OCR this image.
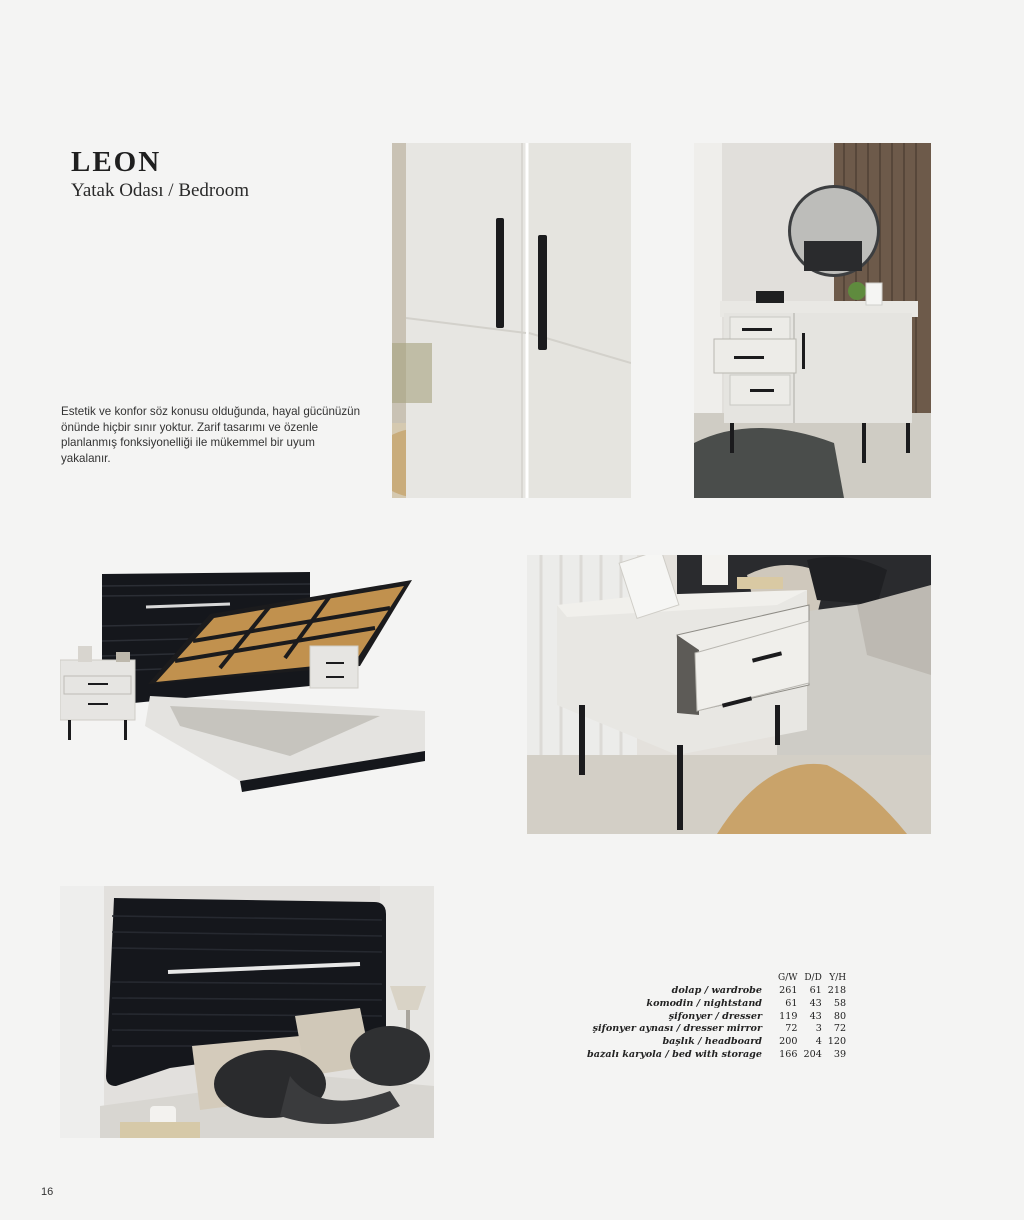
LEON
Yatak Odası / Bedroom
Estetik ve konfor söz konusu olduğunda, hayal gücünüzün önünde hiçbir sınır yoktur. Zarif tasarımı ve özenle planlanmış fonksiyonelliği ile mükemmel bir uyum yakalanır.
	G/W	D/D	Y/H
dolap / wardrobe	261	61	218
komodin / nightstand	61	43	58
şifonyer / dresser	119	43	80
şifonyer aynası / dresser mirror	72	3	72
başlık / headboard	200	4	120
bazalı karyola / bed with storage	166	204	39
16
